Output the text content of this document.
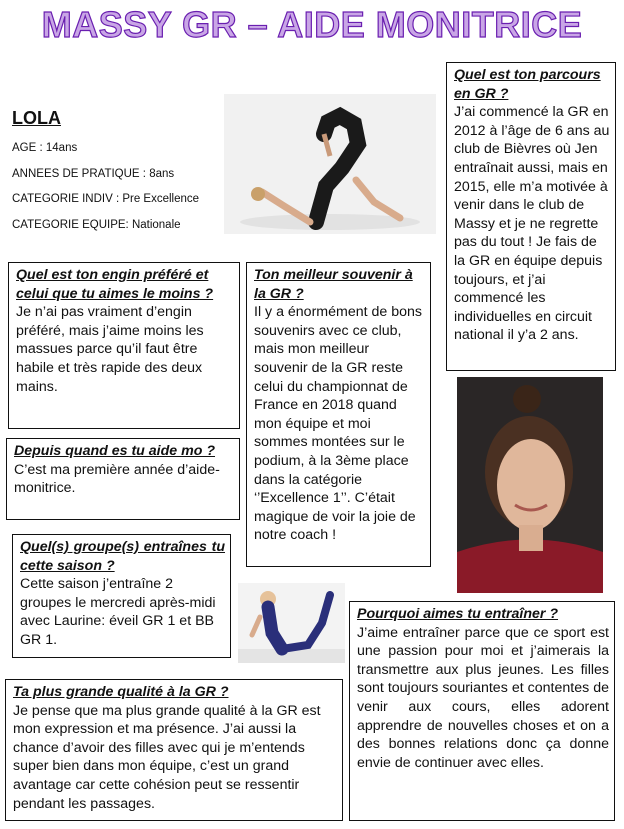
MASSY GR – AIDE MONITRICE
LOLA
AGE : 14ans
ANNEES DE PRATIQUE : 8ans
CATEGORIE INDIV : Pre Excellence
CATEGORIE EQUIPE: Nationale
Quel est ton parcours en GR ?
J’ai commencé la GR en 2012 à l’âge de 6 ans au club de Bièvres où Jen entraînait aussi, mais en 2015, elle m’a motivée à venir dans le club de Massy et je ne regrette pas du tout ! Je fais de la GR en équipe depuis toujours, et j’ai commencé les individuelles en circuit national il y’a 2 ans.
Quel est ton engin préféré et celui que tu aimes le moins ?
Je n’ai pas vraiment d’engin préféré, mais j’aime moins les massues parce qu’il faut être habile et très rapide des deux mains.
Ton meilleur souvenir à la GR ?
Il y a énormément de bons souvenirs avec ce club, mais mon meilleur souvenir de la GR reste celui du championnat de France en 2018 quand mon équipe et moi sommes montées sur le podium, à la 3ème place dans la catégorie ‘’Excellence 1’’. C’était magique de voir la joie de notre coach !
Depuis quand es tu aide mo ?
C’est ma première année d’aide-monitrice.
Quel(s) groupe(s) entraînes tu cette saison ?
Cette saison j’entraîne 2 groupes le mercredi après-midi avec Laurine: éveil GR 1 et BB GR 1.
Pourquoi aimes tu entraîner ?
J’aime entraîner parce que ce sport est une passion pour moi et j’aimerais la transmettre aux plus jeunes. Les filles sont toujours souriantes et contentes de venir aux cours, elles adorent apprendre de nouvelles choses et on a des bonnes relations donc ça donne envie de continuer avec elles.
Ta plus grande qualité à la GR ?
Je pense que ma plus grande qualité à la GR est mon expression et ma présence. J’ai aussi la chance d’avoir des filles avec qui je m’entends super bien dans mon équipe, c’est un grand avantage car cette cohésion peut se ressentir pendant les passages.
